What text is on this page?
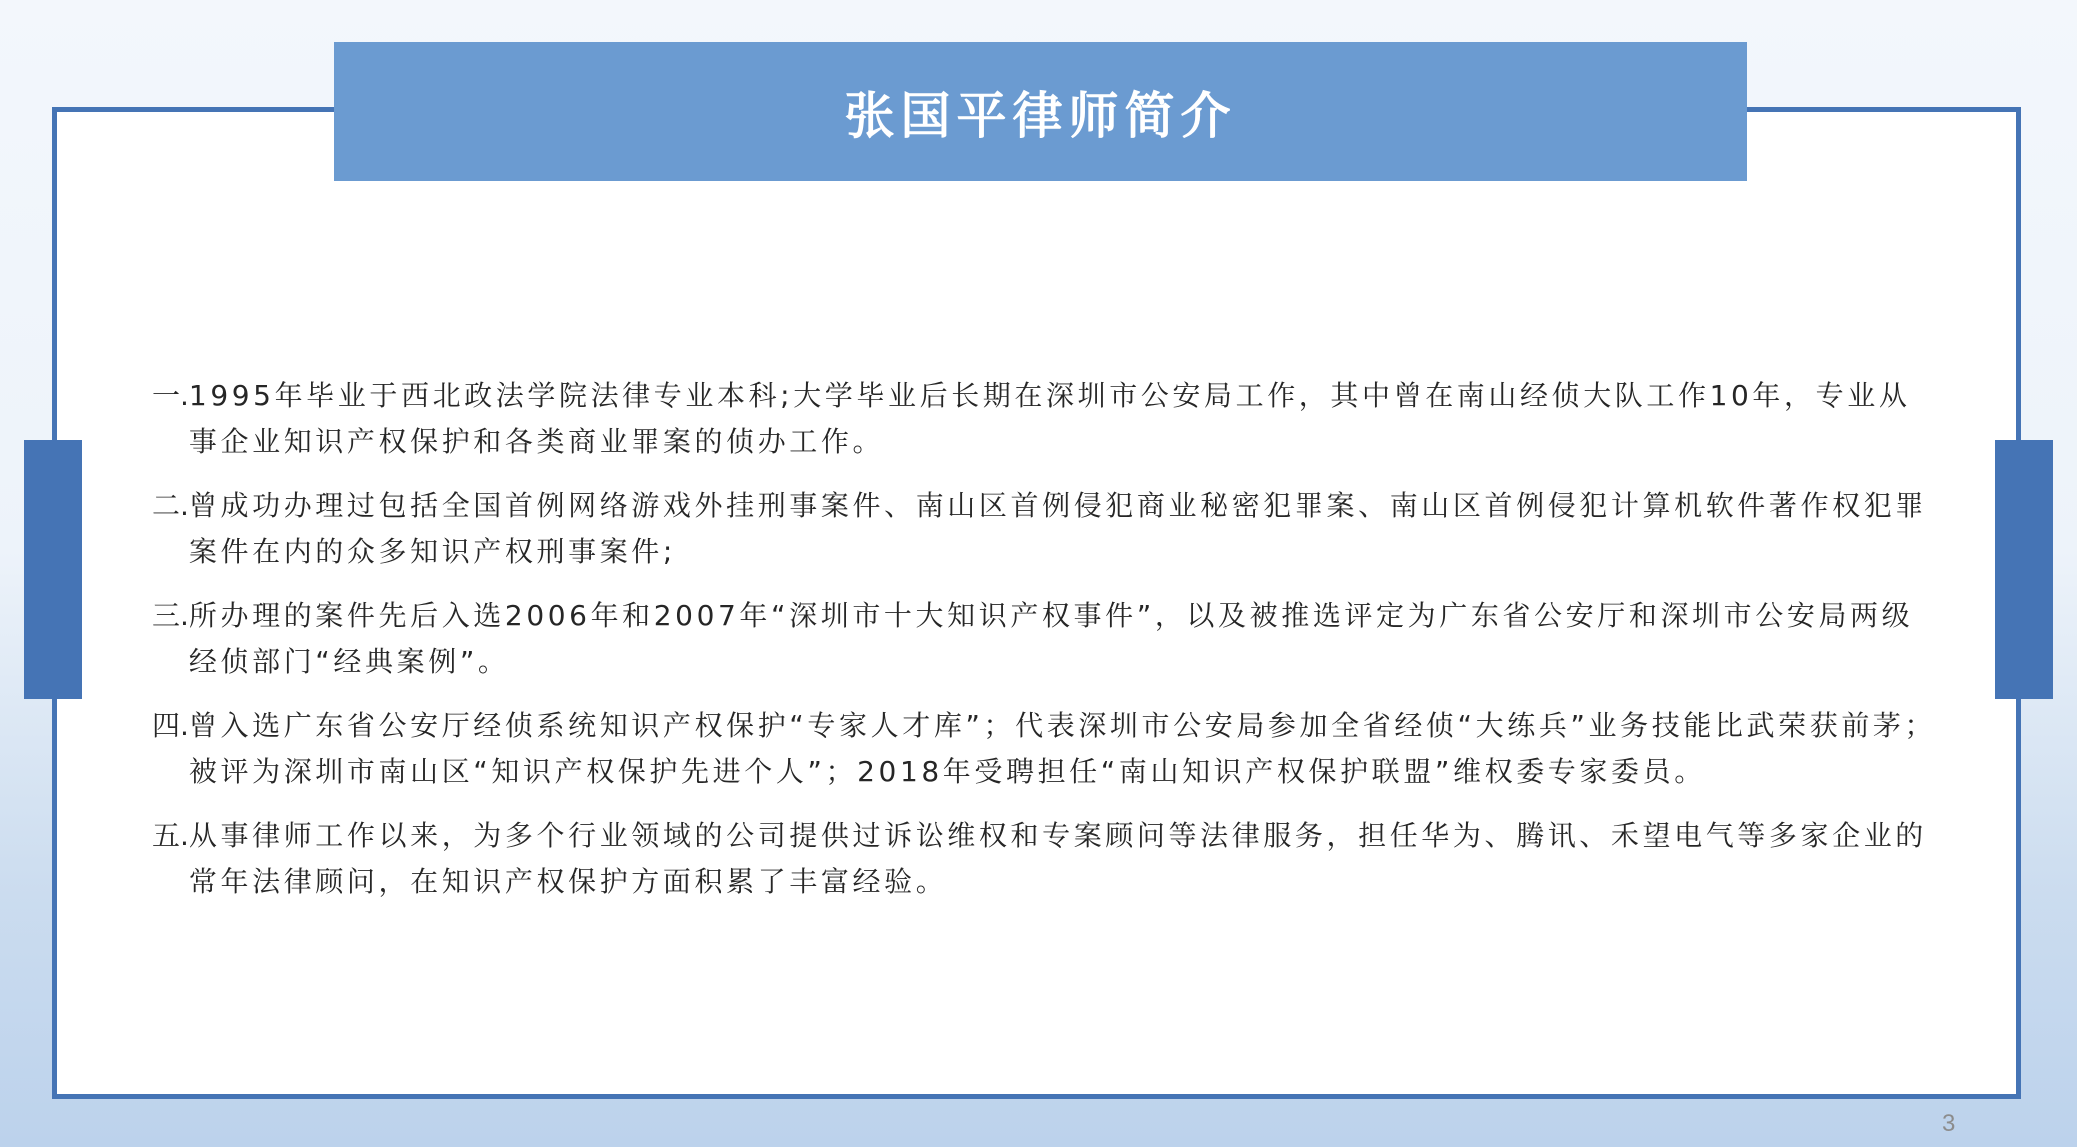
张国平律师简介
一. 1995年毕业于西北政法学院法律专业本科;大学毕业后长期在深圳市公安局工作，其中曾在南山经侦大队工作10年，专业从事企业知识产权保护和各类商业罪案的侦办工作。
二. 曾成功办理过包括全国首例网络游戏外挂刑事案件、南山区首例侵犯商业秘密犯罪案、南山区首例侵犯计算机软件著作权犯罪案件在内的众多知识产权刑事案件;
三. 所办理的案件先后入选2006年和2007年“深圳市十大知识产权事件”，以及被推选评定为广东省公安厅和深圳市公安局两级经侦部门“经典案例”。
四. 曾入选广东省公安厅经侦系统知识产权保护“专家人才库”；代表深圳市公安局参加全省经侦“大练兵”业务技能比武荣获前茅；被评为深圳市南山区“知识产权保护先进个人”；2018年受聘担任“南山知识产权保护联盟”维权委专家委员。
五. 从事律师工作以来，为多个行业领域的公司提供过诉讼维权和专案顾问等法律服务，担任华为、腾讯、禾望电气等多家企业的常年法律顾问，在知识产权保护方面积累了丰富经验。
3
